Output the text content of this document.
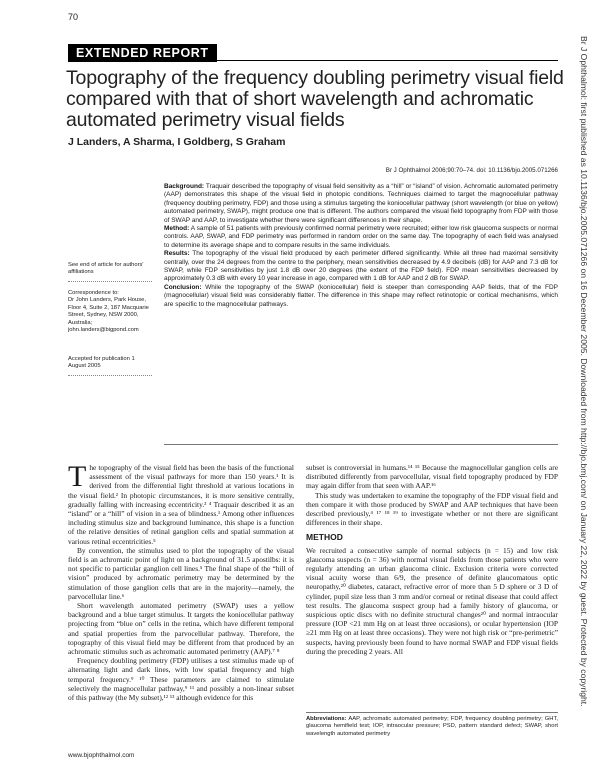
70
EXTENDED REPORT
Topography of the frequency doubling perimetry visual field
compared with that of short wavelength and achromatic
automated perimetry visual fields
J Landers, A Sharma, I Goldberg, S Graham
Br J Ophthalmol 2006;90:70–74. doi: 10.1136/bjo.2005.071266

Background: Traquair described the topography of visual field sensitivity as a “hill” or “island” of vision. Achromatic automated perimetry (AAP) demonstrates this shape of the visual field in photopic conditions. Techniques claimed to target the magnocellular pathway (frequency doubling perimetry, FDP) and those using a stimulus targeting the koniocellular pathway (short wavelength (or blue on yellow) automated perimetry, SWAP), might produce one that is different. The authors compared the visual field topography from FDP with those of SWAP and AAP, to investigate whether there were significant differences in their shape.

Method: A sample of 51 patients with previously confirmed normal perimetry were recruited; either low risk glaucoma suspects or normal controls. AAP, SWAP, and FDP perimetry was performed in random order on the same day. The topography of each field was analysed to determine its average shape and to compare results in the same individuals.

Results: The topography of the visual field produced by each perimeter differed significantly. While all three had maximal sensitivity centrally, over the 24 degrees from the centre to the periphery, mean sensitivities decreased by 4.9 decibels (dB) for AAP and 7.3 dB for SWAP, while FDP sensitivities by just 1.8 dB over 20 degrees (the extent of the FDP field). FDP mean sensitivities decreased by approximately 0.3 dB with every 10 year increase in age, compared with 1 dB for AAP and 2 dB for SWAP.

Conclusion: While the topography of the SWAP (koniocellular) field is steeper than corresponding AAP fields, that of the FDP (magnocellular) visual field was considerably flatter. The difference in this shape may reflect retinotopic or cortical mechanisms, which are specific to the magnocellular pathways.

See end of article for authors' affiliations
Correspondence to:
Dr John Landers, Park House, Floor 4, Suite 2, 187 Macquarie Street, Sydney, NSW 2000, Australia; john.landers@bigpond.com
Accepted for publication 1 August 2005

The topography of the visual field has been the basis of the functional assessment of the visual pathways for more than 150 years.¹ It is derived from the differential light threshold at various locations in the visual field.² In photopic circumstances, it is more sensitive centrally, gradually falling with increasing eccentricity.³ ⁴ Traquair described it as an “island” or a “hill” of vision in a sea of blindness.¹ Among other influences including stimulus size and background luminance, this shape is a function of the relative densities of retinal ganglion cells and spatial summation at various retinal eccentricities.⁵

By convention, the stimulus used to plot the topography of the visual field is an achromatic point of light on a background of 31.5 apostilbs: it is not specific to particular ganglion cell lines.⁵ The final shape of the “hill of vision” produced by achromatic perimetry may be determined by the stimulation of those ganglion cells that are in the majority—namely, the parvocellular line.⁶

Short wavelength automated perimetry (SWAP) uses a yellow background and a blue target stimulus. It targets the koniocellular pathway projecting from “blue on” cells in the retina, which have different temporal and spatial properties from the parvocellular pathway. Therefore, the topography of this visual field may be different from that produced by an achromatic stimulus such as achromatic automated perimetry (AAP).⁷ ⁸

Frequency doubling perimetry (FDP) utilises a test stimulus made up of alternating light and dark lines, with low spatial frequency and high temporal frequency.⁹ ¹⁰ These parameters are claimed to stimulate selectively the magnocellular pathway,⁹ ¹¹ and possibly a non-linear subset of this pathway (the My subset),¹² ¹³ although evidence for this

subset is controversial in humans.¹⁴ ¹⁵ Because the magnocellular ganglion cells are distributed differently from parvocellular, visual field topography produced by FDP may again differ from that seen with AAP.¹⁶

This study was undertaken to examine the topography of the FDP visual field and then compare it with those produced by SWAP and AAP techniques that have been described previously,⁴ ¹⁷ ¹⁸ ¹⁹ to investigate whether or not there are significant differences in their shape.

METHOD

We recruited a consecutive sample of normal subjects (n = 15) and low risk glaucoma suspects (n = 36) with normal visual fields from those patients who were regularly attending an urban glaucoma clinic. Exclusion criteria were corrected visual acuity worse than 6/9, the presence of definite glaucomatous optic neuropathy,²⁰ diabetes, cataract, refractive error of more than 5 D sphere or 3 D of cylinder, pupil size less than 3 mm and/or corneal or retinal disease that could affect test results. The glaucoma suspect group had a family history of glaucoma, or suspicious optic discs with no definite structural changes²⁰ and normal intraocular pressure (IOP <21 mm Hg on at least three occasions), or ocular hypertension (IOP ≥21 mm Hg on at least three occasions). They were not high risk or “pre-perimetric” suspects, having previously been found to have normal SWAP and FDP visual fields during the preceding 2 years. All

Abbreviations: AAP, achromatic automated perimetry; FDP, frequency doubling perimetry; GHT, glaucoma hemifield test; IOP, intraocular pressure; PSD, pattern standard defect; SWAP, short wavelength automated perimetry
www.bjophthalmol.com
Br J Ophthalmol: first published as 10.1136/bjo.2005.071266 on 16 December 2005. Downloaded from http://bjo.bmj.com/ on January 22, 2022 by guest. Protected by copyright.
